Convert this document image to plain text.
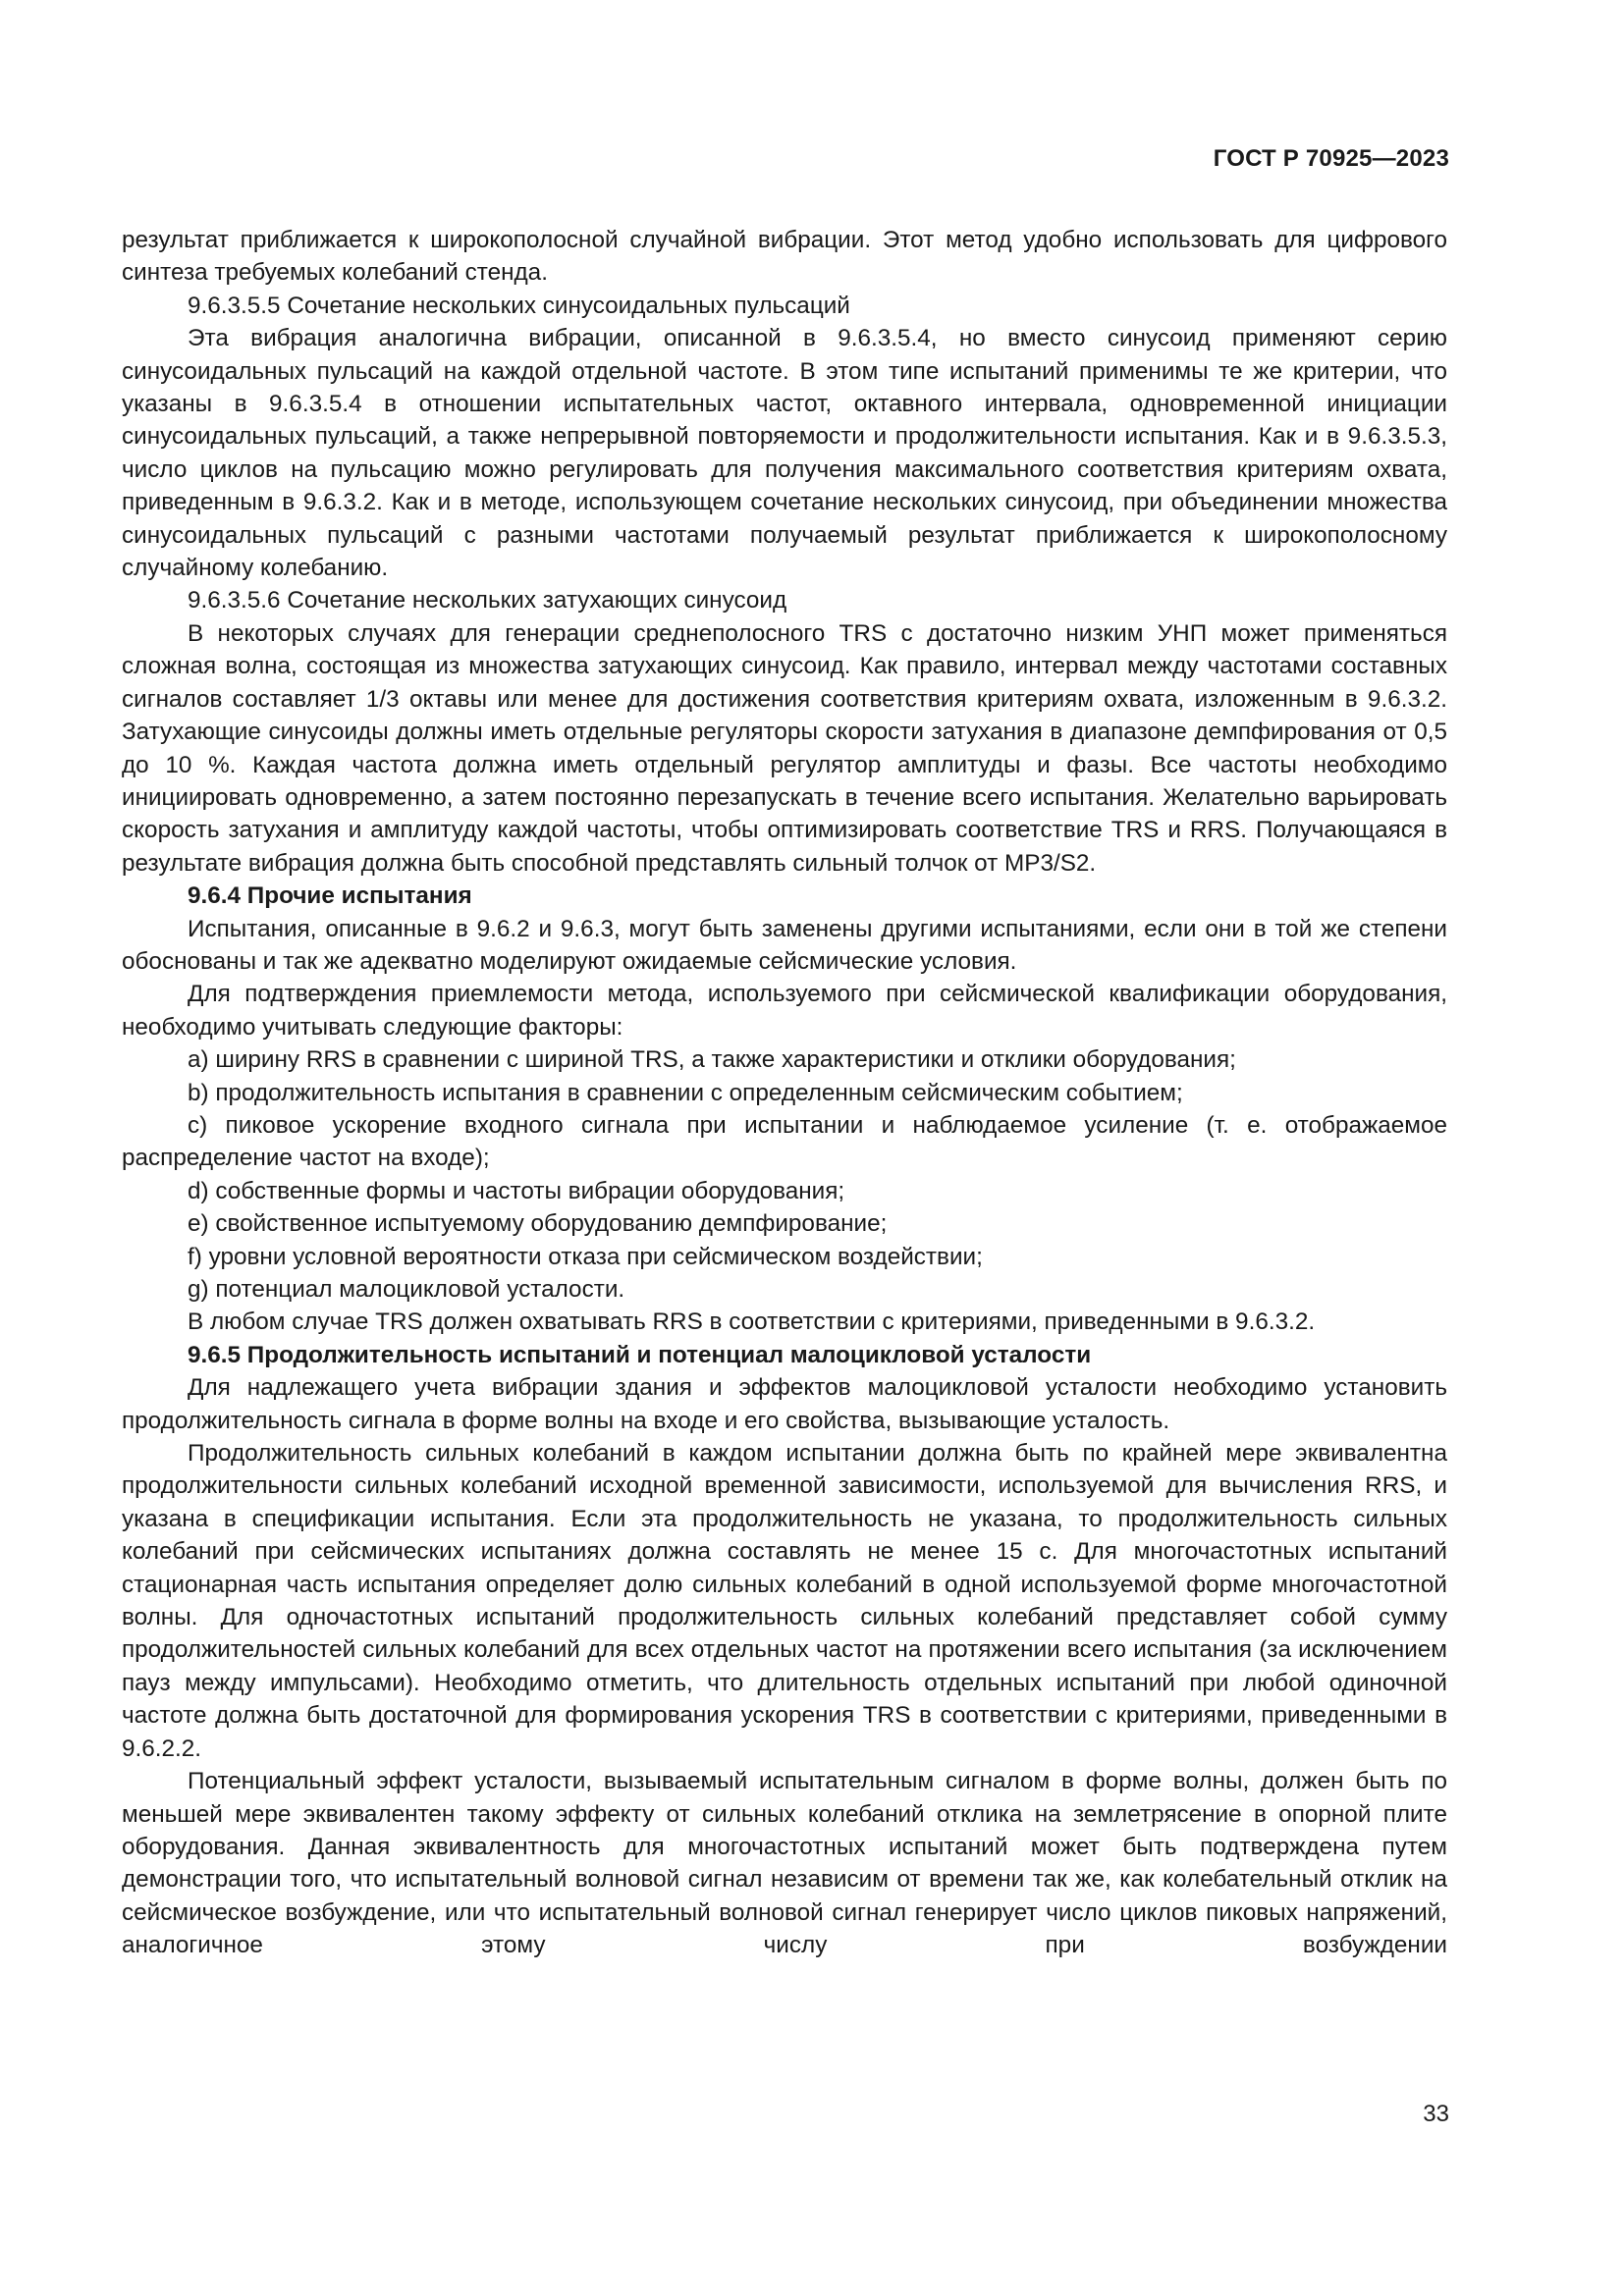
ГОСТ Р 70925—2023

результат приближается к широкополосной случайной вибрации. Этот метод удобно использовать для цифрового синтеза требуемых колебаний стенда.

9.6.3.5.5 Сочетание нескольких синусоидальных пульсаций

Эта вибрация аналогична вибрации, описанной в 9.6.3.5.4, но вместо синусоид применяют серию синусоидальных пульсаций на каждой отдельной частоте. В этом типе испытаний применимы те же критерии, что указаны в 9.6.3.5.4 в отношении испытательных частот, октавного интервала, одновременной инициации синусоидальных пульсаций, а также непрерывной повторяемости и продолжительности испытания. Как и в 9.6.3.5.3, число циклов на пульсацию можно регулировать для получения максимального соответствия критериям охвата, приведенным в 9.6.3.2. Как и в методе, использующем сочетание нескольких синусоид, при объединении множества синусоидальных пульсаций с разными частотами получаемый результат приближается к широкополосному случайному колебанию.

9.6.3.5.6 Сочетание нескольких затухающих синусоид

В некоторых случаях для генерации среднеполосного TRS с достаточно низким УНП может применяться сложная волна, состоящая из множества затухающих синусоид. Как правило, интервал между частотами составных сигналов составляет 1/3 октавы или менее для достижения соответствия критериям охвата, изложенным в 9.6.3.2. Затухающие синусоиды должны иметь отдельные регуляторы скорости затухания в диапазоне демпфирования от 0,5 до 10 %. Каждая частота должна иметь отдельный регулятор амплитуды и фазы. Все частоты необходимо инициировать одновременно, а затем постоянно перезапускать в течение всего испытания. Желательно варьировать скорость затухания и амплитуду каждой частоты, чтобы оптимизировать соответствие TRS и RRS. Получающаяся в результате вибрация должна быть способной представлять сильный толчок от МР3/S2.

9.6.4 Прочие испытания

Испытания, описанные в 9.6.2 и 9.6.3, могут быть заменены другими испытаниями, если они в той же степени обоснованы и так же адекватно моделируют ожидаемые сейсмические условия.

Для подтверждения приемлемости метода, используемого при сейсмической квалификации оборудования, необходимо учитывать следующие факторы:

a) ширину RRS в сравнении с шириной TRS, а также характеристики и отклики оборудования;

b) продолжительность испытания в сравнении с определенным сейсмическим событием;

c) пиковое ускорение входного сигнала при испытании и наблюдаемое усиление (т. е. отображаемое распределение частот на входе);

d) собственные формы и частоты вибрации оборудования;

e) свойственное испытуемому оборудованию демпфирование;

f) уровни условной вероятности отказа при сейсмическом воздействии;

g) потенциал малоцикловой усталости.

В любом случае TRS должен охватывать RRS в соответствии с критериями, приведенными в 9.6.3.2.

9.6.5 Продолжительность испытаний и потенциал малоцикловой усталости

Для надлежащего учета вибрации здания и эффектов малоцикловой усталости необходимо установить продолжительность сигнала в форме волны на входе и его свойства, вызывающие усталость.

Продолжительность сильных колебаний в каждом испытании должна быть по крайней мере эквивалентна продолжительности сильных колебаний исходной временной зависимости, используемой для вычисления RRS, и указана в спецификации испытания. Если эта продолжительность не указана, то продолжительность сильных колебаний при сейсмических испытаниях должна составлять не менее 15 с. Для многочастотных испытаний стационарная часть испытания определяет долю сильных колебаний в одной используемой форме многочастотной волны. Для одночастотных испытаний продолжительность сильных колебаний представляет собой сумму продолжительностей сильных колебаний для всех отдельных частот на протяжении всего испытания (за исключением пауз между импульсами). Необходимо отметить, что длительность отдельных испытаний при любой одиночной частоте должна быть достаточной для формирования ускорения TRS в соответствии с критериями, приведенными в 9.6.2.2.

Потенциальный эффект усталости, вызываемый испытательным сигналом в форме волны, должен быть по меньшей мере эквивалентен такому эффекту от сильных колебаний отклика на землетрясение в опорной плите оборудования. Данная эквивалентность для многочастотных испытаний может быть подтверждена путем демонстрации того, что испытательный волновой сигнал независим от времени так же, как колебательный отклик на сейсмическое возбуждение, или что испытательный волновой сигнал генерирует число циклов пиковых напряжений, аналогичное этому числу при возбуждении

33
